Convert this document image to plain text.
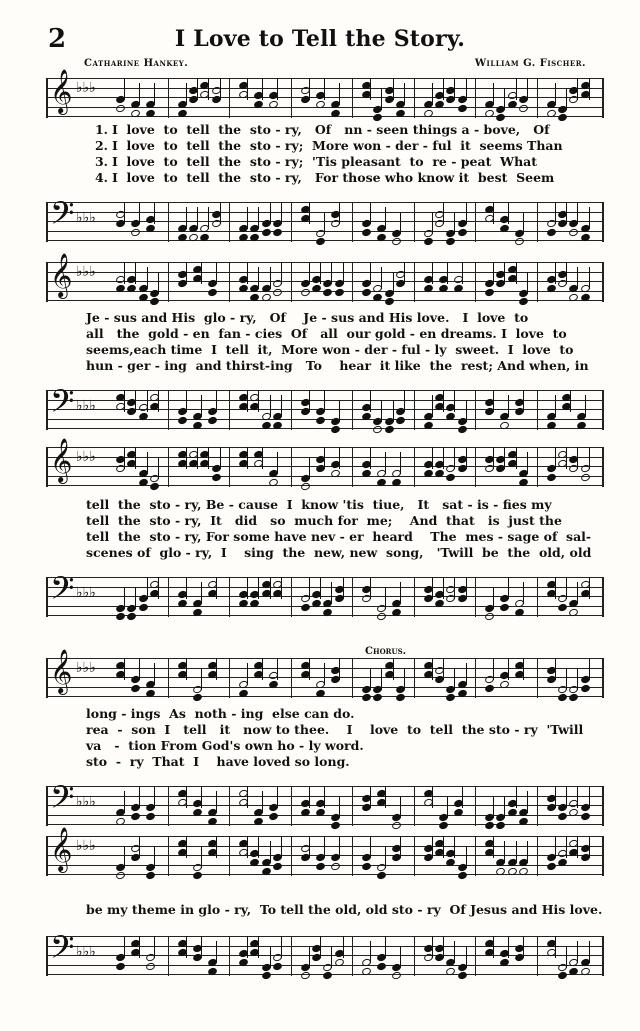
2	I Love to Tell the Story.
Catharine Hankey.	William G. Fischer.
Chorus.
𝄞 ♭♭♭
1. I  love  to  tell  the  sto - ry,   Of   nn - seen things a - bove,   Of
2. I  love  to  tell  the  sto - ry;  More won - der - ful  it  seems Than
3. I  love  to  tell  the  sto - ry;  'Tis pleasant  to  re - peat  What
4. I  love  to  tell  the  sto - ry,   For those who know it  best  Seem
𝄢 ♭♭♭
𝄞 ♭♭♭
Je - sus and His  glo - ry,   Of    Je - sus and His love.   I  love  to
all   the  gold - en  fan - cies  Of   all  our gold - en dreams. I  love  to
seems,each time  I  tell  it,  More won - der - ful - ly  sweet.  I  love  to
hun - ger - ing  and thirst-ing   To    hear  it like  the  rest; And when, in
𝄢 ♭♭♭
𝄞 ♭♭♭
tell  the  sto - ry, Be - cause  I  know 'tis  tiue,   It   sat - is - fies my
tell  the  sto - ry,  It   did   so  much for  me;    And  that   is  just the
tell  the  sto - ry, For some have nev - er  heard    The  mes - sage of  sal-
scenes of  glo - ry,  I    sing  the  new, new  song,   'Twill  be  the  old, old
𝄢 ♭♭♭
𝄞 ♭♭♭
long - ings  As  noth - ing  else can do.
rea  -  son  I   tell   it   now to thee.    I    love  to  tell  the sto - ry  'Twill
va   -  tion From God's own ho - ly word.
sto  -  ry  That  I    have loved so long.
𝄢 ♭♭♭
𝄞 ♭♭♭
be my theme in glo - ry,  To tell the old, old sto - ry  Of Jesus and His love.
𝄢 ♭♭♭
